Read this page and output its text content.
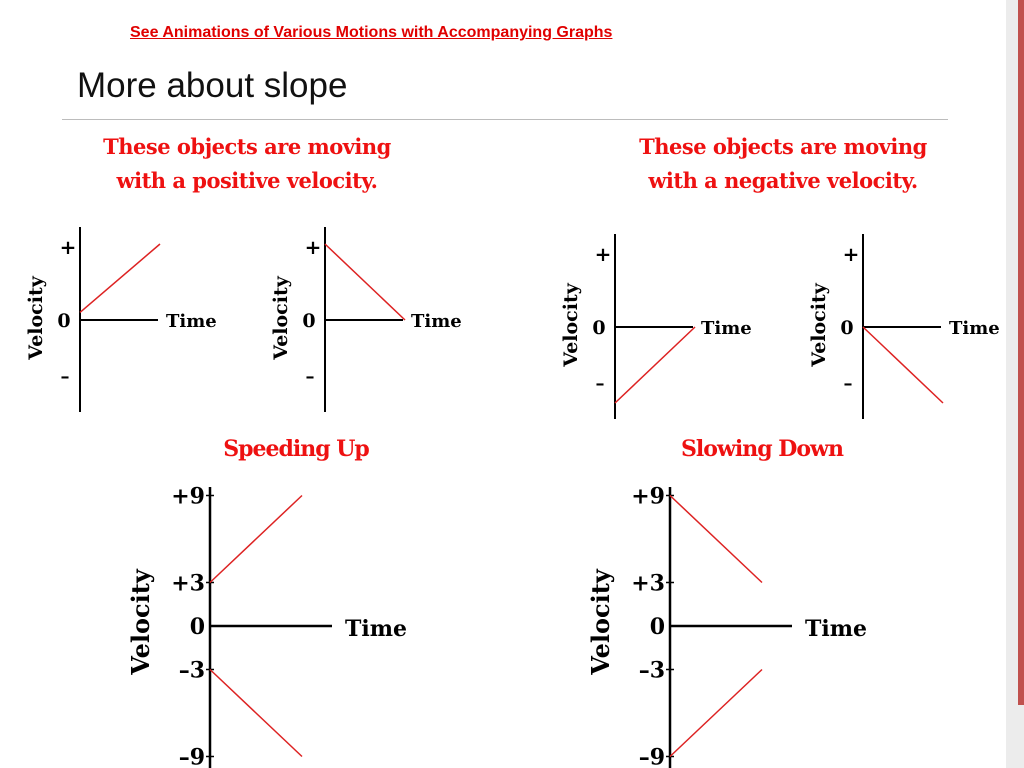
See Animations of Various Motions with Accompanying Graphs
More about slope
These objects are moving
with a positive velocity.
These objects are moving
with a negative velocity.
Speeding Up	Slowing Down
+
0
–
Time
Velocity
+
0
–
Time
Velocity
+
0
–
Time
Velocity
+
0
–
Time
Velocity
+9
+3
0
–3
–9
Time
Velocity
+9
+3
0
–3
–9
Time
Velocity
